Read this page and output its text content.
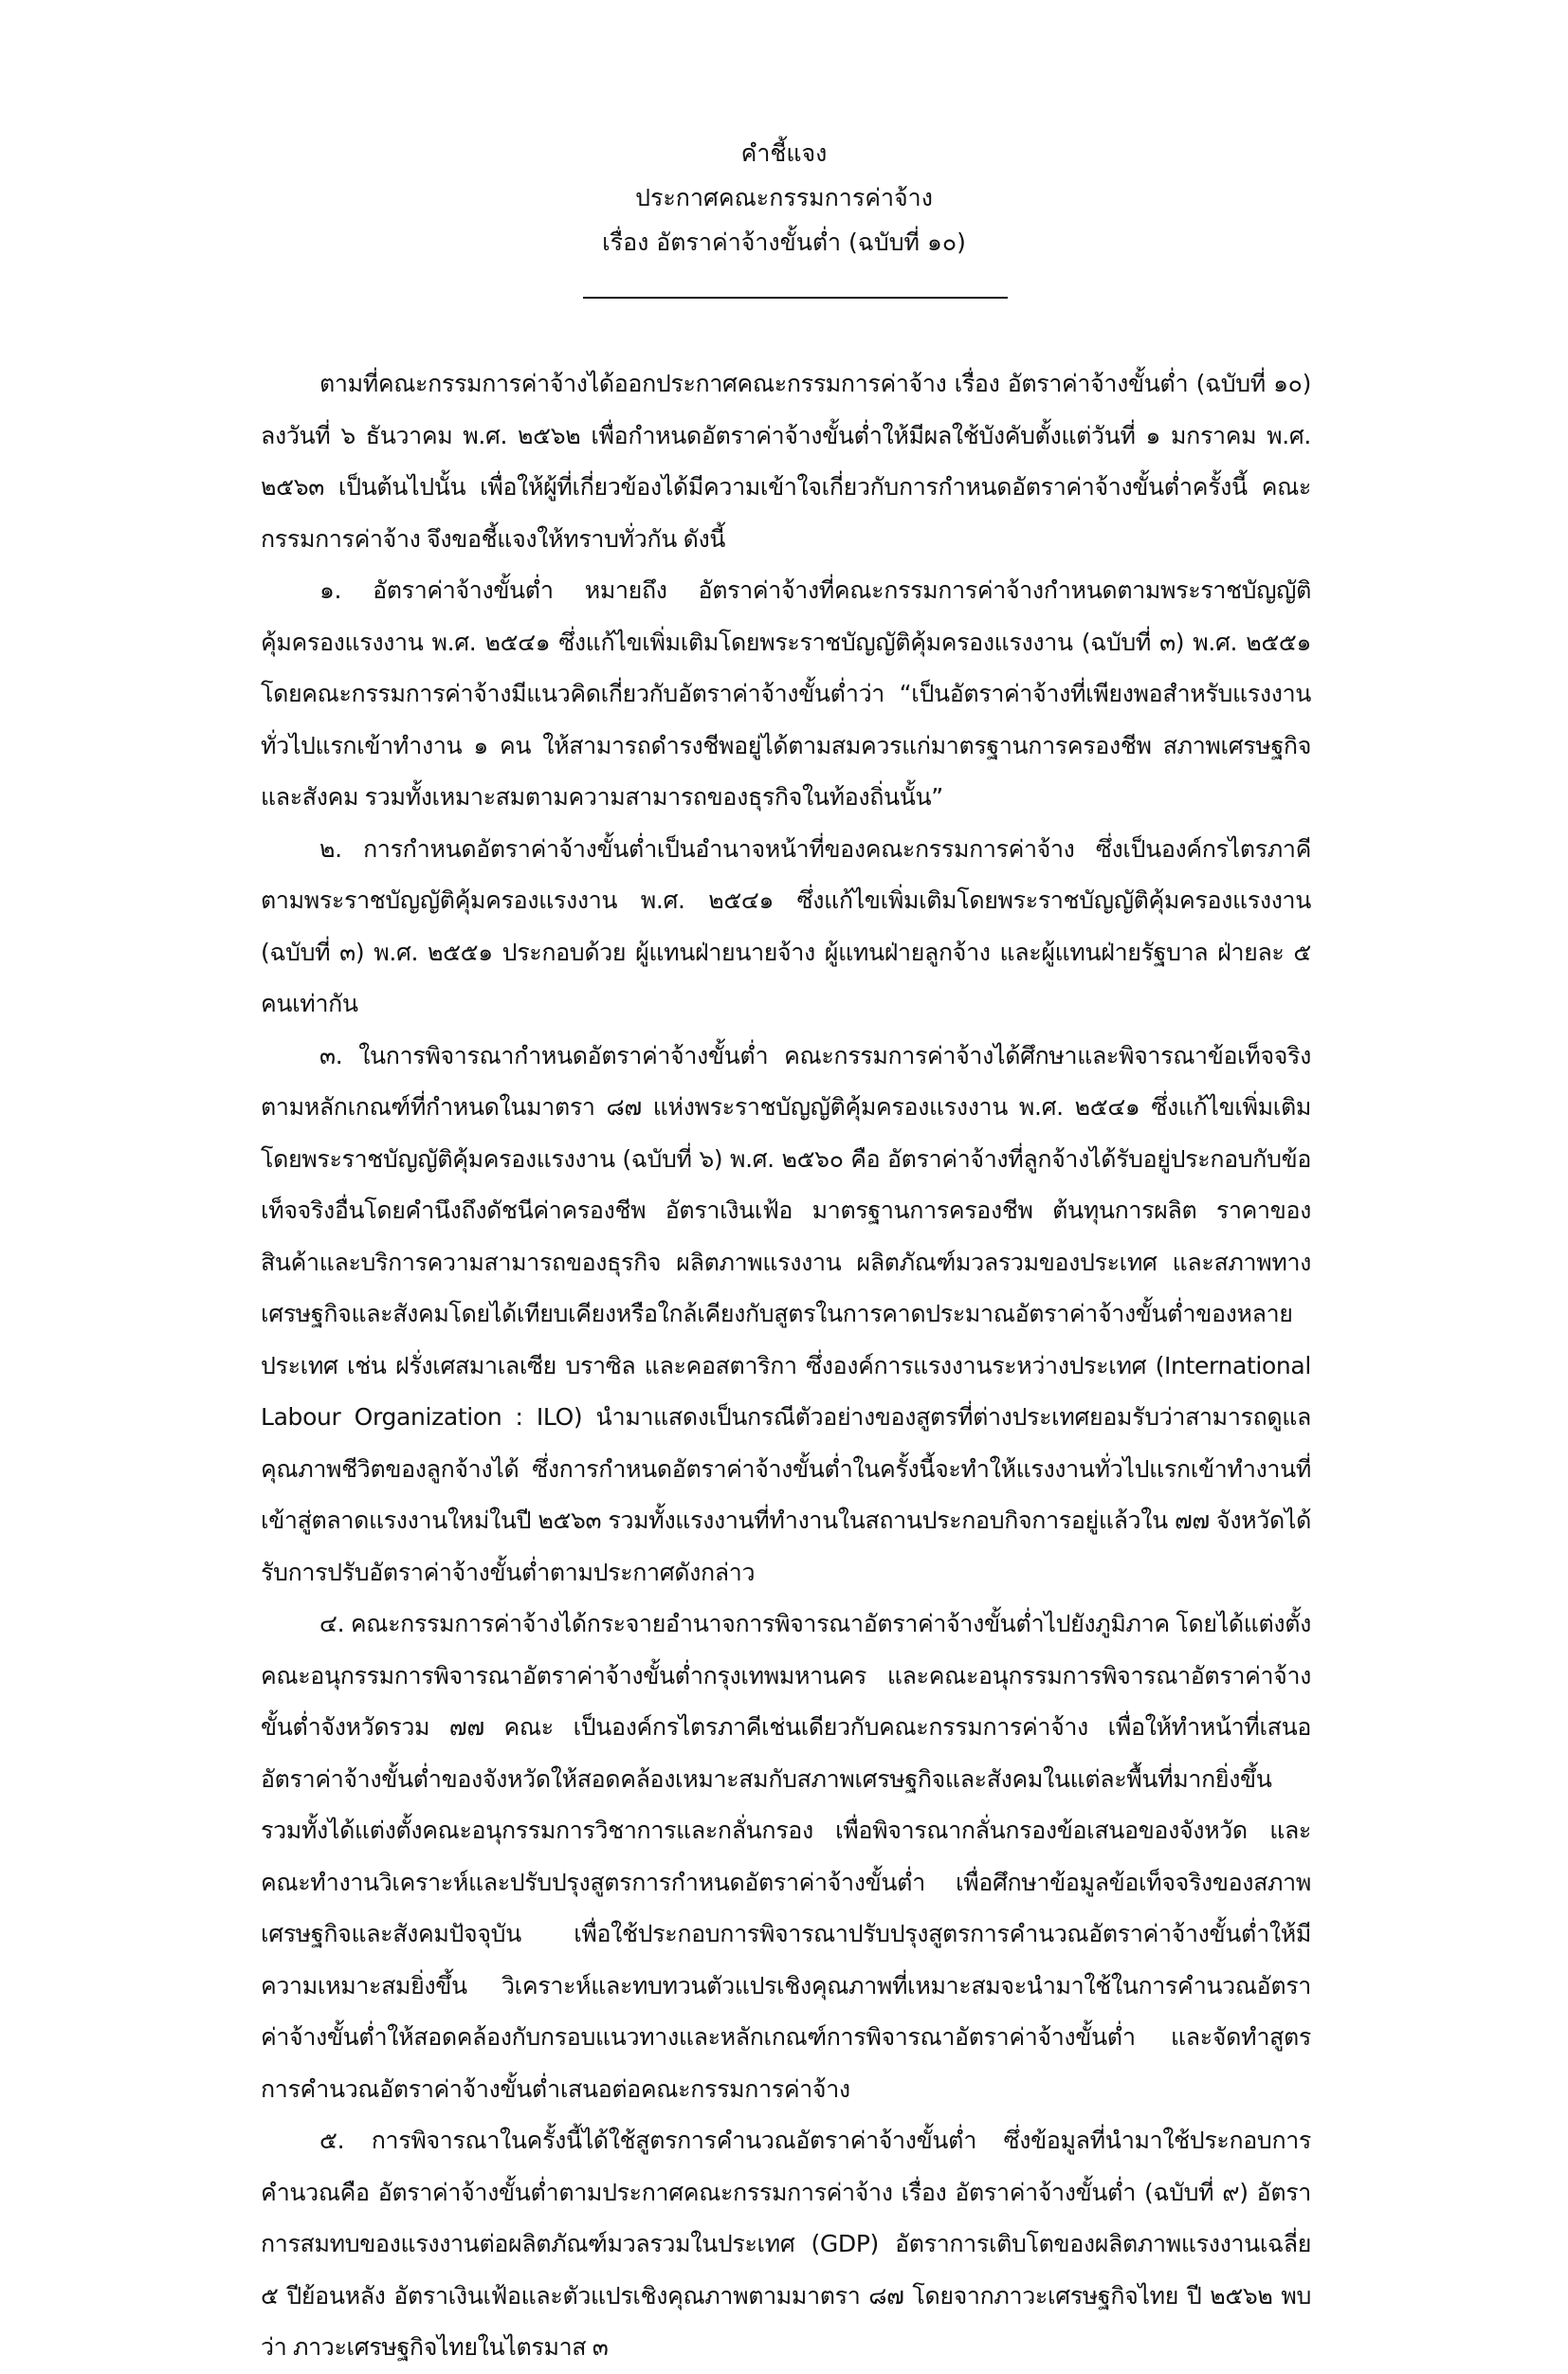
คำชี้แจง
ประกาศคณะกรรมการค่าจ้าง
เรื่อง อัตราค่าจ้างขั้นต่ำ (ฉบับที่ ๑๐)

ตามที่คณะกรรมการค่าจ้างได้ออกประกาศคณะกรรมการค่าจ้าง เรื่อง อัตราค่าจ้างขั้นต่ำ (ฉบับที่ ๑๐) ลงวันที่ ๖ ธันวาคม พ.ศ. ๒๕๖๒ เพื่อกำหนดอัตราค่าจ้างขั้นต่ำให้มีผลใช้บังคับตั้งแต่วันที่ ๑ มกราคม พ.ศ. ๒๕๖๓ เป็นต้นไปนั้น เพื่อให้ผู้ที่เกี่ยวข้องได้มีความเข้าใจเกี่ยวกับการกำหนดอัตราค่าจ้างขั้นต่ำครั้งนี้ คณะกรรมการค่าจ้าง จึงขอชี้แจงให้ทราบทั่วกัน ดังนี้

๑. อัตราค่าจ้างขั้นต่ำ หมายถึง อัตราค่าจ้างที่คณะกรรมการค่าจ้างกำหนดตามพระราชบัญญัติคุ้มครองแรงงาน พ.ศ. ๒๕๔๑ ซึ่งแก้ไขเพิ่มเติมโดยพระราชบัญญัติคุ้มครองแรงงาน (ฉบับที่ ๓) พ.ศ. ๒๕๕๑ โดยคณะกรรมการค่าจ้างมีแนวคิดเกี่ยวกับอัตราค่าจ้างขั้นต่ำว่า “เป็นอัตราค่าจ้างที่เพียงพอสำหรับแรงงานทั่วไปแรกเข้าทำงาน ๑ คน ให้สามารถดำรงชีพอยู่ได้ตามสมควรแก่มาตรฐานการครองชีพ สภาพเศรษฐกิจและสังคม รวมทั้งเหมาะสมตามความสามารถของธุรกิจในท้องถิ่นนั้น”

๒. การกำหนดอัตราค่าจ้างขั้นต่ำเป็นอำนาจหน้าที่ของคณะกรรมการค่าจ้าง ซึ่งเป็นองค์กรไตรภาคีตามพระราชบัญญัติคุ้มครองแรงงาน พ.ศ. ๒๕๔๑ ซึ่งแก้ไขเพิ่มเติมโดยพระราชบัญญัติคุ้มครองแรงงาน (ฉบับที่ ๓) พ.ศ. ๒๕๕๑ ประกอบด้วย ผู้แทนฝ่ายนายจ้าง ผู้แทนฝ่ายลูกจ้าง และผู้แทนฝ่ายรัฐบาล ฝ่ายละ ๕ คนเท่ากัน

๓. ในการพิจารณากำหนดอัตราค่าจ้างขั้นต่ำ คณะกรรมการค่าจ้างได้ศึกษาและพิจารณาข้อเท็จจริงตามหลักเกณฑ์ที่กำหนดในมาตรา ๘๗ แห่งพระราชบัญญัติคุ้มครองแรงงาน พ.ศ. ๒๕๔๑ ซึ่งแก้ไขเพิ่มเติมโดยพระราชบัญญัติคุ้มครองแรงงาน (ฉบับที่ ๖) พ.ศ. ๒๕๖๐ คือ อัตราค่าจ้างที่ลูกจ้างได้รับอยู่ประกอบกับข้อเท็จจริงอื่นโดยคำนึงถึงดัชนีค่าครองชีพ อัตราเงินเฟ้อ มาตรฐานการครองชีพ ต้นทุนการผลิต ราคาของสินค้าและบริการความสามารถของธุรกิจ ผลิตภาพแรงงาน ผลิตภัณฑ์มวลรวมของประเทศ และสภาพทางเศรษฐกิจและสังคมโดยได้เทียบเคียงหรือใกล้เคียงกับสูตรในการคาดประมาณอัตราค่าจ้างขั้นต่ำของหลายประเทศ เช่น ฝรั่งเศสมาเลเซีย บราซิล และคอสตาริกา ซึ่งองค์การแรงงานระหว่างประเทศ (International Labour Organization : ILO) นำมาแสดงเป็นกรณีตัวอย่างของสูตรที่ต่างประเทศยอมรับว่าสามารถดูแลคุณภาพชีวิตของลูกจ้างได้ ซึ่งการกำหนดอัตราค่าจ้างขั้นต่ำในครั้งนี้จะทำให้แรงงานทั่วไปแรกเข้าทำงานที่เข้าสู่ตลาดแรงงานใหม่ในปี ๒๕๖๓ รวมทั้งแรงงานที่ทำงานในสถานประกอบกิจการอยู่แล้วใน ๗๗ จังหวัดได้รับการปรับอัตราค่าจ้างขั้นต่ำตามประกาศดังกล่าว

๔. คณะกรรมการค่าจ้างได้กระจายอำนาจการพิจารณาอัตราค่าจ้างขั้นต่ำไปยังภูมิภาค โดยได้แต่งตั้งคณะอนุกรรมการพิจารณาอัตราค่าจ้างขั้นต่ำกรุงเทพมหานคร และคณะอนุกรรมการพิจารณาอัตราค่าจ้างขั้นต่ำจังหวัดรวม ๗๗ คณะ เป็นองค์กรไตรภาคีเช่นเดียวกับคณะกรรมการค่าจ้าง เพื่อให้ทำหน้าที่เสนออัตราค่าจ้างขั้นต่ำของจังหวัดให้สอดคล้องเหมาะสมกับสภาพเศรษฐกิจและสังคมในแต่ละพื้นที่มากยิ่งขึ้น รวมทั้งได้แต่งตั้งคณะอนุกรรมการวิชาการและกลั่นกรอง เพื่อพิจารณากลั่นกรองข้อเสนอของจังหวัด และคณะทำงานวิเคราะห์และปรับปรุงสูตรการกำหนดอัตราค่าจ้างขั้นต่ำ เพื่อศึกษาข้อมูลข้อเท็จจริงของสภาพเศรษฐกิจและสังคมปัจจุบัน เพื่อใช้ประกอบการพิจารณาปรับปรุงสูตรการคำนวณอัตราค่าจ้างขั้นต่ำให้มีความเหมาะสมยิ่งขึ้น วิเคราะห์และทบทวนตัวแปรเชิงคุณภาพที่เหมาะสมจะนำมาใช้ในการคำนวณอัตราค่าจ้างขั้นต่ำให้สอดคล้องกับกรอบแนวทางและหลักเกณฑ์การพิจารณาอัตราค่าจ้างขั้นต่ำ และจัดทำสูตรการคำนวณอัตราค่าจ้างขั้นต่ำเสนอต่อคณะกรรมการค่าจ้าง

๕. การพิจารณาในครั้งนี้ได้ใช้สูตรการคำนวณอัตราค่าจ้างขั้นต่ำ ซึ่งข้อมูลที่นำมาใช้ประกอบการคำนวณคือ อัตราค่าจ้างขั้นต่ำตามประกาศคณะกรรมการค่าจ้าง เรื่อง อัตราค่าจ้างขั้นต่ำ (ฉบับที่ ๙) อัตราการสมทบของแรงงานต่อผลิตภัณฑ์มวลรวมในประเทศ (GDP) อัตราการเติบโตของผลิตภาพแรงงานเฉลี่ย ๕ ปีย้อนหลัง อัตราเงินเฟ้อและตัวแปรเชิงคุณภาพตามมาตรา ๘๗ โดยจากภาวะเศรษฐกิจไทย ปี ๒๕๖๒ พบว่า ภาวะเศรษฐกิจไทยในไตรมาส ๓
